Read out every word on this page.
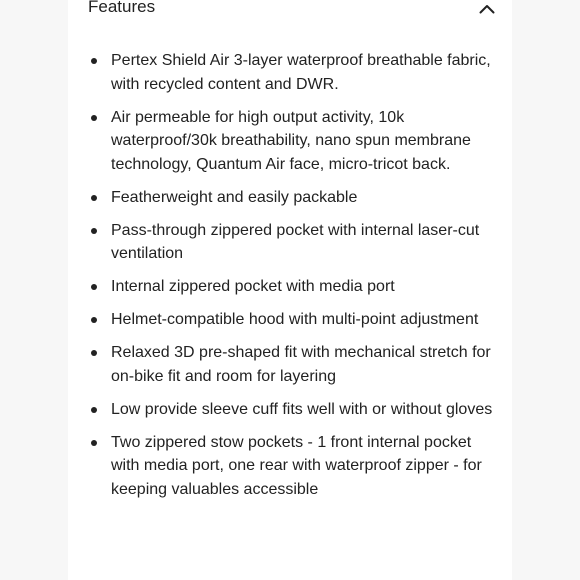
Features
Pertex Shield Air 3-layer waterproof breathable fabric, with recycled content and DWR.
Air permeable for high output activity, 10k waterproof/30k breathability, nano spun membrane technology, Quantum Air face, micro-tricot back.
Featherweight and easily packable
Pass-through zippered pocket with internal laser-cut ventilation
Internal zippered pocket with media port
Helmet-compatible hood with multi-point adjustment
Relaxed 3D pre-shaped fit with mechanical stretch for on-bike fit and room for layering
Low provide sleeve cuff fits well with or without gloves
Two zippered stow pockets - 1 front internal pocket with media port, one rear with waterproof zipper - for keeping valuables accessible
